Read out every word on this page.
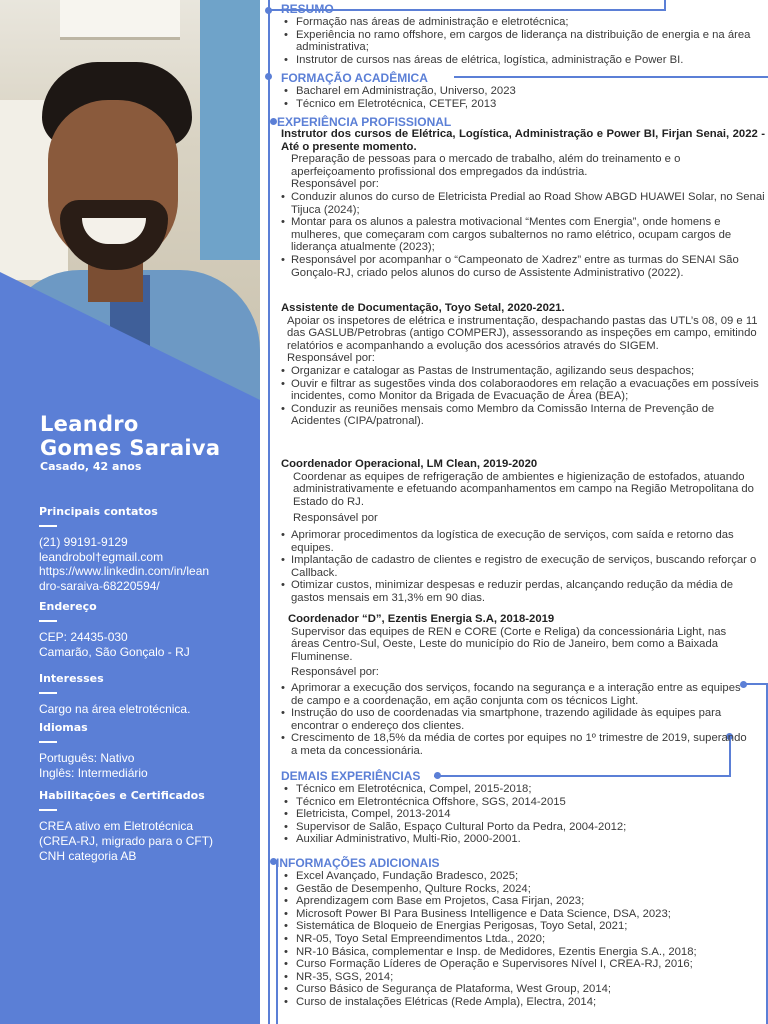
Leandro
Gomes Saraiva
Casado, 42 anos
Principais contatos
(21) 99191-9129
leandrobol†egmail.com
https://www.linkedin.com/in/lean
dro-saraiva-68220594/
Endereço
CEP: 24435-030
Camarão, São Gonçalo - RJ
Interesses
Cargo na área eletrotécnica.
Idiomas
Português: Nativo
Inglês: Intermediário
Habilitações e Certificados
CREA ativo em Eletrotécnica
(CREA-RJ, migrado para o CFT)
CNH categoria AB
RESUMO
• Formação nas áreas de administração e eletrotécnica;
• Experiência no ramo offshore, em cargos de liderança na distribuição de energia e na área administrativa;
• Instrutor de cursos nas áreas de elétrica, logística, administração e Power BI.
FORMAÇÃO ACADÊMICA
• Bacharel em Administração, Universo, 2023
• Técnico em Eletrotécnica, CETEF, 2013
EXPERIÊNCIA PROFISSIONAL
Instrutor dos cursos de Elétrica, Logística, Administração e Power BI, Firjan Senai, 2022 - Até o presente momento.
Preparação de pessoas para o mercado de trabalho, além do treinamento e o aperfeiçoamento profissional dos empregados da indústria.
Responsável por:
• Conduzir alunos do curso de Eletricista Predial ao Road Show ABGD HUAWEI Solar, no Senai Tijuca (2024);
• Montar para os alunos a palestra motivacional “Mentes com Energia”, onde homens e mulheres, que começaram com cargos subalternos no ramo elétrico, ocupam cargos de liderança atualmente (2023);
• Responsável por acompanhar o “Campeonato de Xadrez” entre as turmas do SENAI São Gonçalo-RJ, criado pelos alunos do curso de Assistente Administrativo (2022).
Assistente de Documentação, Toyo Setal, 2020-2021.
Apoiar os inspetores de elétrica e instrumentação, despachando pastas das UTL’s 08, 09 e 11 das GASLUB/Petrobras (antigo COMPERJ), assessorando as inspeções em campo, emitindo relatórios e acompanhando a evolução dos acessórios através do SIGEM.
Responsável por:
• Organizar e catalogar as Pastas de Instrumentação, agilizando seus despachos;
• Ouvir e filtrar as sugestões vinda dos colaboraodores em relação a evacuações em possíveis incidentes, como Monitor da Brigada de Evacuação de Área (BEA);
• Conduzir as reuniões mensais como Membro da Comissão Interna de Prevenção de Acidentes (CIPA/patronal).
Coordenador Operacional, LM Clean, 2019-2020
Coordenar as equipes de refrigeração de ambientes e higienização de estofados, atuando administrativamente e efetuando acompanhamentos em campo na Região Metropolitana do Estado do RJ.
Responsável por
• Aprimorar procedimentos da logística de execução de serviços, com saída e retorno das equipes.
• Implantação de cadastro de clientes e registro de execução de serviços, buscando reforçar o Callback.
• Otimizar custos, minimizar despesas e reduzir perdas, alcançando redução da média de gastos mensais em 31,3% em 90 dias.
Coordenador “D”, Ezentis Energia S.A, 2018-2019
Supervisor das equipes de REN e CORE (Corte e Religa) da concessionária Light, nas áreas Centro-Sul, Oeste, Leste do município do Rio de Janeiro, bem como a Baixada Fluminense.
Responsável por:
• Aprimorar a execução dos serviços, focando na segurança e a interação entre as equipes de campo e a coordenação, em ação conjunta com os técnicos Light.
• Instrução do uso de coordenadas via smartphone, trazendo agilidade às equipes para encontrar o endereço dos clientes.
• Crescimento de 18,5% da média de cortes por equipes no 1º trimestre de 2019, superando a meta da concessionária.
DEMAIS EXPERIÊNCIAS
• Técnico em Eletrotécnica, Compel, 2015-2018;
• Técnico em Eletrontécnica Offshore, SGS, 2014-2015
• Eletricista, Compel, 2013-2014
• Supervisor de Salão, Espaço Cultural Porto da Pedra, 2004-2012;
• Auxiliar Administrativo, Multi-Rio, 2000-2001.
INFORMAÇÕES ADICIONAIS
• Excel Avançado, Fundação Bradesco, 2025;
• Gestão de Desempenho, Qulture Rocks, 2024;
• Aprendizagem com Base em Projetos, Casa Firjan, 2023;
• Microsoft Power BI Para Business Intelligence e Data Science, DSA, 2023;
• Sistemática de Bloqueio de Energias Perigosas, Toyo Setal, 2021;
• NR-05, Toyo Setal Empreendimentos Ltda., 2020;
• NR-10 Básica, complementar e Insp. de Medidores, Ezentis Energia S.A., 2018;
• Curso Formação Líderes de Operação e Supervisores Nível I, CREA-RJ, 2016;
• NR-35, SGS, 2014;
• Curso Básico de Segurança de Plataforma, West Group, 2014;
• Curso de instalações Elétricas (Rede Ampla), Electra, 2014;
